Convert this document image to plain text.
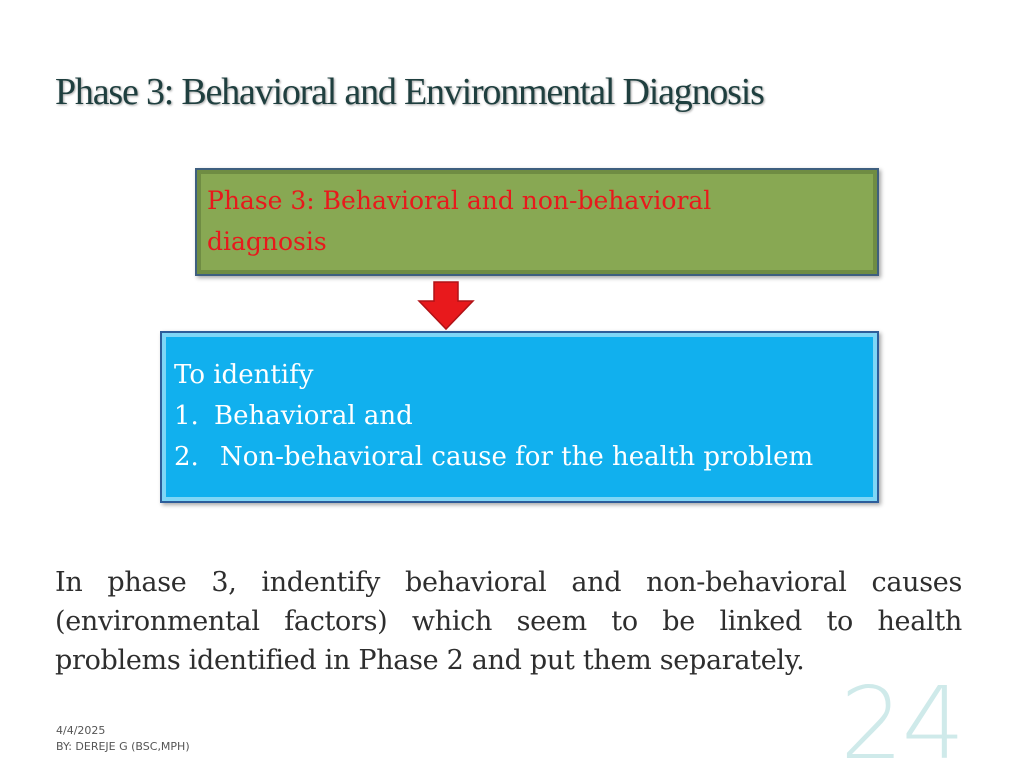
Phase 3: Behavioral and Environmental Diagnosis
Phase 3: Behavioral and non-behavioral diagnosis
To identify
1. Behavioral and
2. Non-behavioral cause for the health problem
In phase 3, indentify behavioral and non-behavioral causes (environmental factors) which seem to be linked to health problems identified in Phase 2 and put them separately.
4/4/2025
BY: DEREJE G (BSC,MPH)	24
